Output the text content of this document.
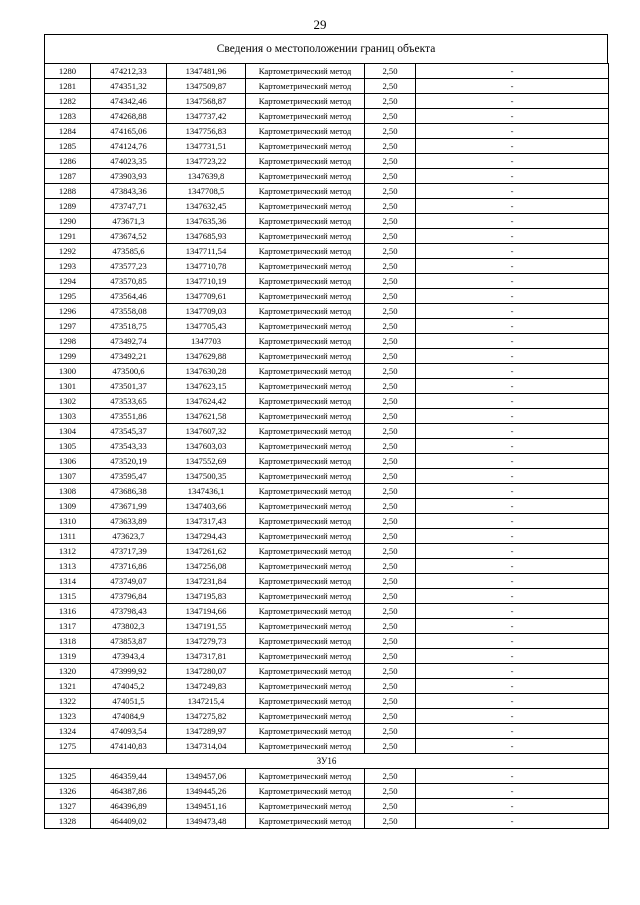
29
Сведения о местоположении границ объекта
1280	474212,33	1347481,96	Картометрический метод	2,50	-
1281	474351,32	1347509,87	Картометрический метод	2,50	-
1282	474342,46	1347568,87	Картометрический метод	2,50	-
1283	474268,88	1347737,42	Картометрический метод	2,50	-
1284	474165,06	1347756,83	Картометрический метод	2,50	-
1285	474124,76	1347731,51	Картометрический метод	2,50	-
1286	474023,35	1347723,22	Картометрический метод	2,50	-
1287	473903,93	1347639,8	Картометрический метод	2,50	-
1288	473843,36	1347708,5	Картометрический метод	2,50	-
1289	473747,71	1347632,45	Картометрический метод	2,50	-
1290	473671,3	1347635,36	Картометрический метод	2,50	-
1291	473674,52	1347685,93	Картометрический метод	2,50	-
1292	473585,6	1347711,54	Картометрический метод	2,50	-
1293	473577,23	1347710,78	Картометрический метод	2,50	-
1294	473570,85	1347710,19	Картометрический метод	2,50	-
1295	473564,46	1347709,61	Картометрический метод	2,50	-
1296	473558,08	1347709,03	Картометрический метод	2,50	-
1297	473518,75	1347705,43	Картометрический метод	2,50	-
1298	473492,74	1347703	Картометрический метод	2,50	-
1299	473492,21	1347629,88	Картометрический метод	2,50	-
1300	473500,6	1347630,28	Картометрический метод	2,50	-
1301	473501,37	1347623,15	Картометрический метод	2,50	-
1302	473533,65	1347624,42	Картометрический метод	2,50	-
1303	473551,86	1347621,58	Картометрический метод	2,50	-
1304	473545,37	1347607,32	Картометрический метод	2,50	-
1305	473543,33	1347603,03	Картометрический метод	2,50	-
1306	473520,19	1347552,69	Картометрический метод	2,50	-
1307	473595,47	1347500,35	Картометрический метод	2,50	-
1308	473686,38	1347436,1	Картометрический метод	2,50	-
1309	473671,99	1347403,66	Картометрический метод	2,50	-
1310	473633,89	1347317,43	Картометрический метод	2,50	-
1311	473623,7	1347294,43	Картометрический метод	2,50	-
1312	473717,39	1347261,62	Картометрический метод	2,50	-
1313	473716,86	1347256,08	Картометрический метод	2,50	-
1314	473749,07	1347231,84	Картометрический метод	2,50	-
1315	473796,84	1347195,83	Картометрический метод	2,50	-
1316	473798,43	1347194,66	Картометрический метод	2,50	-
1317	473802,3	1347191,55	Картометрический метод	2,50	-
1318	473853,87	1347279,73	Картометрический метод	2,50	-
1319	473943,4	1347317,81	Картометрический метод	2,50	-
1320	473999,92	1347280,07	Картометрический метод	2,50	-
1321	474045,2	1347249,83	Картометрический метод	2,50	-
1322	474051,5	1347215,4	Картометрический метод	2,50	-
1323	474084,9	1347275,82	Картометрический метод	2,50	-
1324	474093,54	1347289,97	Картометрический метод	2,50	-
1275	474140,83	1347314,04	Картометрический метод	2,50	-
ЗУ16					
1325	464359,44	1349457,06	Картометрический метод	2,50	-
1326	464387,86	1349445,26	Картометрический метод	2,50	-
1327	464396,89	1349451,16	Картометрический метод	2,50	-
1328	464409,02	1349473,48	Картометрический метод	2,50	-
